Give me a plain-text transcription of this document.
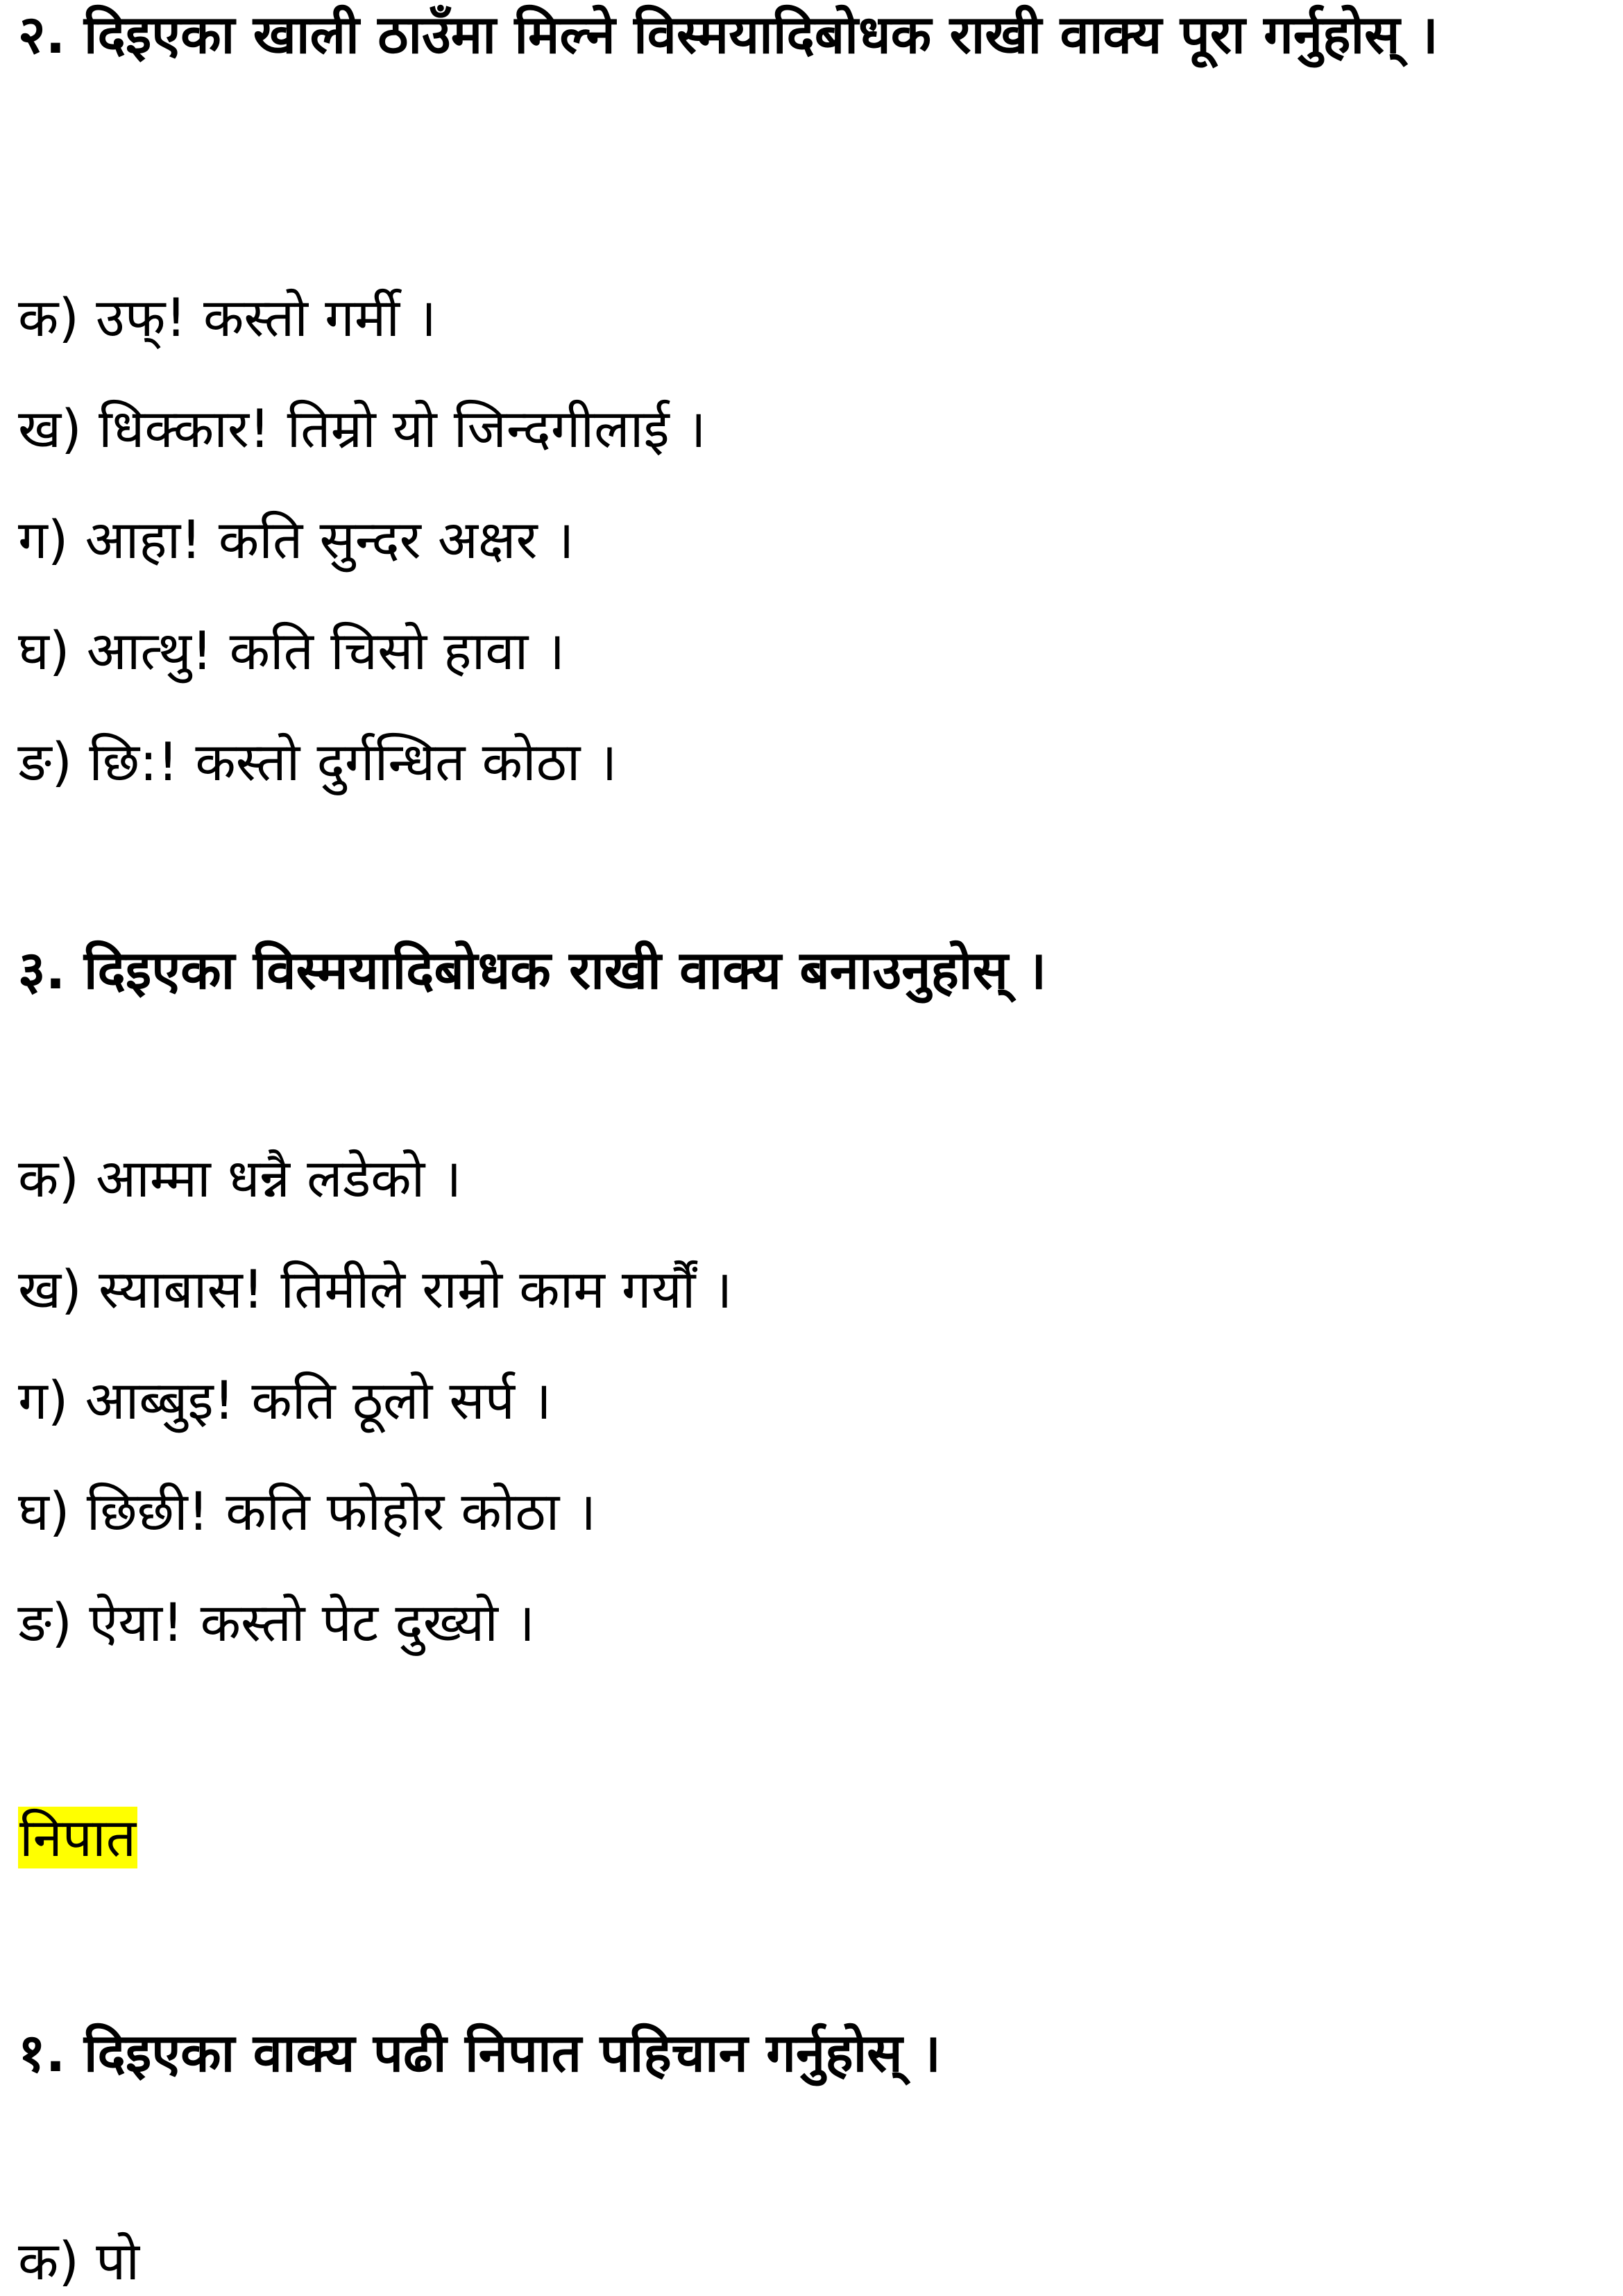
२. दिइएका खाली ठाउँमा मिल्ने विस्मयादिबोधक राखी वाक्य पूरा गर्नुहोस् ।

क) उफ्! कस्तो गर्मी ।

ख) धिक्कार! तिम्रो यो जिन्दगीलाई ।

ग) आहा! कति सुन्दर अक्षर ।

घ) आत्थु! कति चिसो हावा ।

ङ) छि:! कस्तो दुर्गन्धित कोठा ।

३. दिइएका विस्मयादिबोधक राखी वाक्य बनाउनुहोस् ।

क) आम्मा धन्नै लडेको ।

ख) स्याबास! तिमीले राम्रो काम गर्यौं ।

ग) आब्बुइ! कति ठूलो सर्प ।

घ) छिछी! कति फोहोर कोठा ।

ङ) ऐया! कस्तो पेट दुख्यो ।

निपात

१. दिइएका वाक्य पढी निपात पहिचान गर्नुहोस् ।

क) पो
